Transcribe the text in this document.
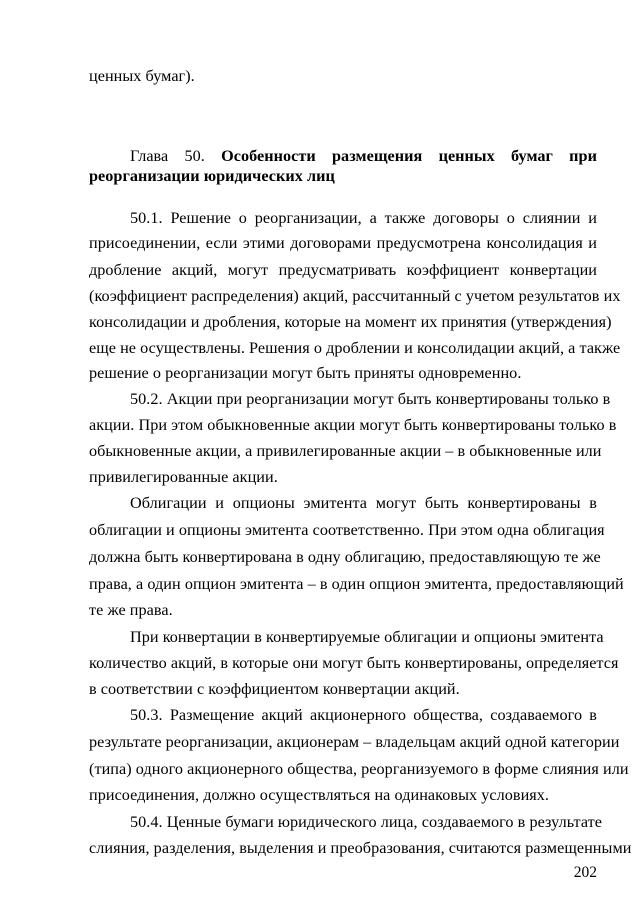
ценных бумаг).
Глава 50. Особенности размещения ценных бумаг при
реорганизации юридических лиц
50.1. Решение о реорганизации, а также договоры о слиянии и
присоединении, если этими договорами предусмотрена консолидация и
дробление акций, могут предусматривать коэффициент конвертации
(коэффициент распределения) акций, рассчитанный с учетом результатов их
консолидации и дробления, которые на момент их принятия (утверждения)
еще не осуществлены. Решения о дроблении и консолидации акций, а также
решение о реорганизации могут быть приняты одновременно.
50.2. Акции при реорганизации могут быть конвертированы только в
акции. При этом обыкновенные акции могут быть конвертированы только в
обыкновенные акции, а привилегированные акции – в обыкновенные или
привилегированные акции.
Облигации и опционы эмитента могут быть конвертированы в
облигации и опционы эмитента соответственно. При этом одна облигация
должна быть конвертирована в одну облигацию, предоставляющую те же
права, а один опцион эмитента – в один опцион эмитента, предоставляющий
те же права.
При конвертации в конвертируемые облигации и опционы эмитента
количество акций, в которые они могут быть конвертированы, определяется
в соответствии с коэффициентом конвертации акций.
50.3. Размещение акций акционерного общества, создаваемого в
результате реорганизации, акционерам – владельцам акций одной категории
(типа) одного акционерного общества, реорганизуемого в форме слияния или
присоединения, должно осуществляться на одинаковых условиях.
50.4. Ценные бумаги юридического лица, создаваемого в результате
слияния, разделения, выделения и преобразования, считаются размещенными
202
